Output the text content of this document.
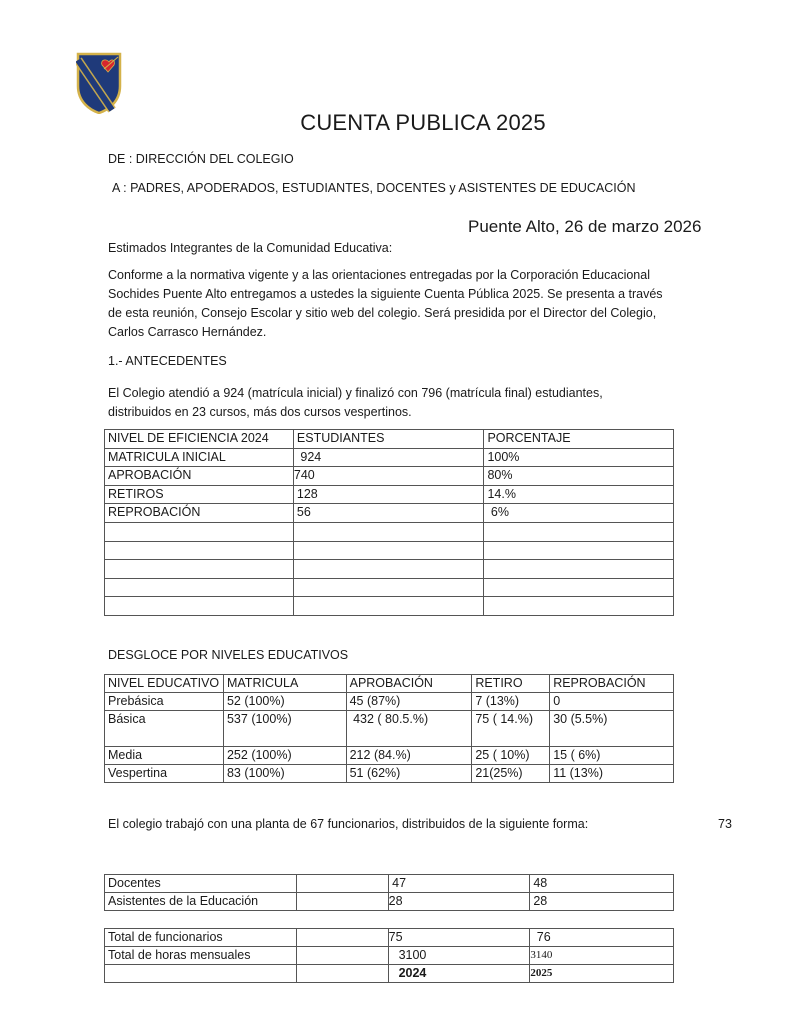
CUENTA PUBLICA 2025
DE : DIRECCIÓN DEL COLEGIO
A : PADRES, APODERADOS, ESTUDIANTES, DOCENTES y ASISTENTES DE EDUCACIÓN
Puente Alto, 26 de marzo 2026
Estimados Integrantes de la Comunidad Educativa:
Conforme a la normativa vigente y a las orientaciones entregadas por la Corporación Educacional
Sochides Puente Alto entregamos a ustedes la siguiente Cuenta Pública 2025. Se presenta a través
de esta reunión, Consejo Escolar y sitio web del colegio. Será presidida por el Director del Colegio,
Carlos Carrasco Hernández.
1.- ANTECEDENTES
El Colegio atendió a 924 (matrícula inicial) y finalizó con 796 (matrícula final) estudiantes,
distribuidos en 23 cursos, más dos cursos vespertinos.
NIVEL DE EFICIENCIA 2024	ESTUDIANTES	PORCENTAJE
MATRICULA INICIAL	924	100%
APROBACIÓN	740	80%
RETIROS	128	14.%
REPROBACIÓN	56	6%

DESGLOCE POR NIVELES EDUCATIVOS
NIVEL EDUCATIVO	MATRICULA	APROBACIÓN	RETIRO	REPROBACIÓN
Prebásica	52 (100%)	45 (87%)	7 (13%)	0
Básica	537 (100%)	432 ( 80.5.%)	75 ( 14.%)	30 (5.5%)
Media	252 (100%)	212 (84.%)	25 ( 10%)	15 ( 6%)
Vespertina	83 (100%)	51 (62%)	21(25%)	11 (13%)
El colegio trabajó con una planta de 67 funcionarios, distribuidos de la siguiente forma:	73
Docentes		47	48
Asistentes de la Educación		28	28
Total de funcionarios		75	76
Total de horas mensuales		3100	3140
		2024	2025
